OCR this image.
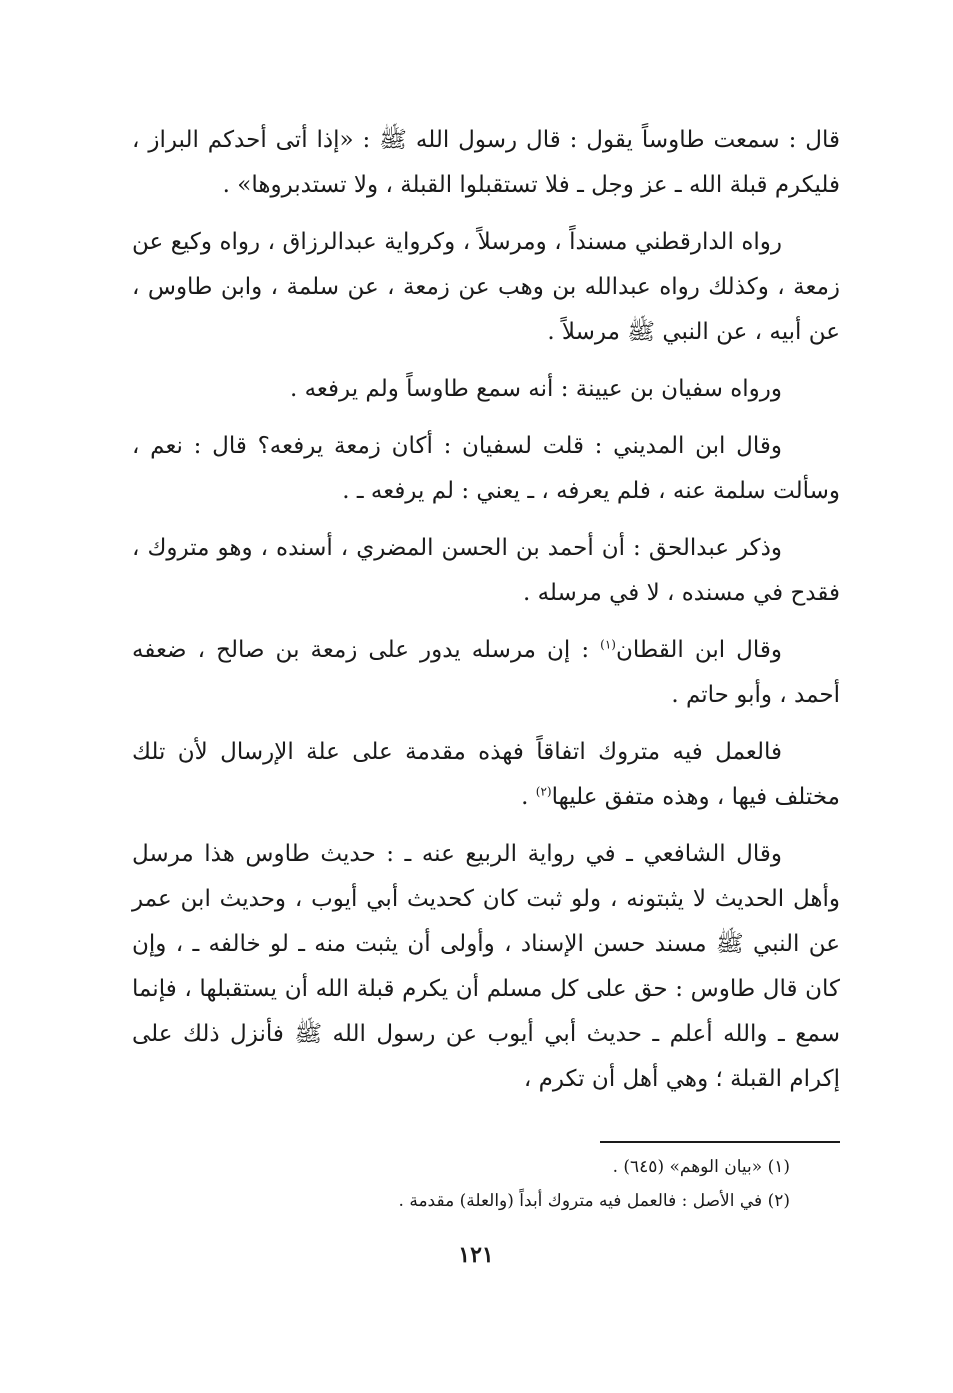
قال : سمعت طاوساً يقول : قال رسول الله ﷺ : «إذا أتى أحدكم البراز ، فليكرم قبلة الله ـ عز وجل ـ فلا تستقبلوا القبلة ، ولا تستدبروها» .

رواه الدارقطني مسنداً ، ومرسلاً ، وكرواية عبدالرزاق ، رواه وكيع عن زمعة ، وكذلك رواه عبدالله بن وهب عن زمعة ، عن سلمة ، وابن طاوس ، عن أبيه ، عن النبي ﷺ مرسلاً .

ورواه سفيان بن عيينة : أنه سمع طاوساً ولم يرفعه .

وقال ابن المديني : قلت لسفيان : أكان زمعة يرفعه؟ قال : نعم ، وسألت سلمة عنه ، فلم يعرفه ، ـ يعني : لم يرفعه ـ .

وذكر عبدالحق : أن أحمد بن الحسن المضري ، أسنده ، وهو متروك ، فقدح في مسنده ، لا في مرسله .

وقال ابن القطان$^{(١)}$ : إن مرسله يدور على زمعة بن صالح ، ضعفه أحمد ، وأبو حاتم .

فالعمل فيه متروك اتفاقاً فهذه مقدمة على علة الإرسال لأن تلك مختلف فيها ، وهذه متفق عليها$^{(٢)}$ .

وقال الشافعي ـ في رواية الربيع عنه ـ : حديث طاوس هذا مرسل وأهل الحديث لا يثبتونه ، ولو ثبت كان كحديث أبي أيوب ، وحديث ابن عمر عن النبي ﷺ مسند حسن الإسناد ، وأولى أن يثبت منه ـ لو خالفه ـ ، وإن كان قال طاوس : حق على كل مسلم أن يكرم قبلة الله أن يستقبلها ، فإنما سمع ـ والله أعلم ـ حديث أبي أيوب عن رسول الله ﷺ فأنزل ذلك على إكرام القبلة ؛ وهي أهل أن تكرم ،

(١) «بيان الوهم» (٦٤٥) .

(٢) في الأصل : فالعمل فيه متروك أبداً (والعلة) مقدمة .

١٢١
